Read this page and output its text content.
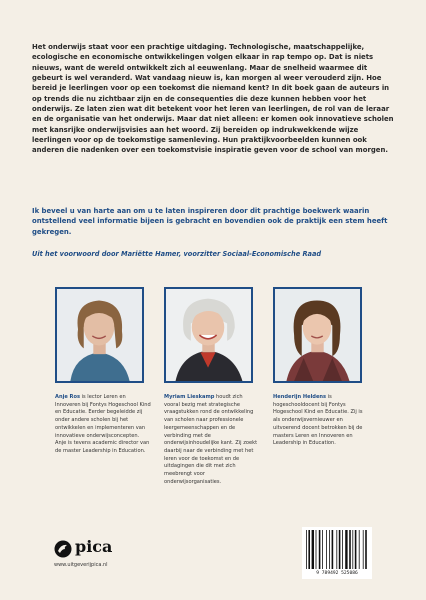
Het onderwijs staat voor een prachtige uitdaging. Technologische, maatschappelijke, ecologische en economische ontwikkelingen volgen elkaar in rap tempo op. Dat is niets nieuws, want de wereld ontwikkelt zich al eeuwenlang. Maar de snelheid waarmee dit gebeurt is wel veranderd. Wat vandaag nieuw is, kan morgen al weer verouderd zijn. Hoe bereid je leerlingen voor op een toekomst die niemand kent? In dit boek gaan de auteurs in op trends die nu zichtbaar zijn en de consequenties die deze kunnen hebben voor het onderwijs. Ze laten zien wat dit betekent voor het leren van leerlingen, de rol van de leraar en de organisatie van het onderwijs. Maar dat niet alleen: er komen ook innovatieve scholen met kansrijke onderwijsvisies aan het woord. Zij bereiden op indrukwekkende wijze leerlingen voor op de toekomstige samenleving. Hun praktijkvoorbeelden kunnen ook anderen die nadenken over een toekomstvisie inspiratie geven voor de school van morgen.

Ik beveel u van harte aan om u te laten inspireren door dit prachtige boekwerk waarin ontstellend veel informatie bijeen is gebracht en bovendien ook de praktijk een stem heeft gekregen.

Uit het voorwoord door Mariëtte Hamer, voorzitter Sociaal-Economische Raad
Anje Ros is lector Leren en Innoveren bij Fontys Hogeschool Kind en Educatie. Eerder begeleidde zij onder andere scholen bij het ontwikkelen en implementeren van innovatieve onderwijsconcepten. Anje is tevens academic director van de master Leadership in Education.
Myriam Lieskamp houdt zich vooral bezig met strategische vraagstukken rond de ontwikkeling van scholen naar professionele leergemeenschappen en de verbinding met de onderwijsinhoudelijke kant. Zij zoekt daarbij naar de verbinding met het leren voor de toekomst en de uitdagingen die dit met zich meebrengt voor onderwijsorganisaties.
Henderijn Heldens is hogeschooldocent bij Fontys Hogeschool Kind en Educatie. Zij is als onderwijsvernieuwer en uitvoerend docent betrokken bij de masters Leren en Innoveren en Leadership in Education.
pica
www.uitgeverijpica.nl
9 789492 525086
